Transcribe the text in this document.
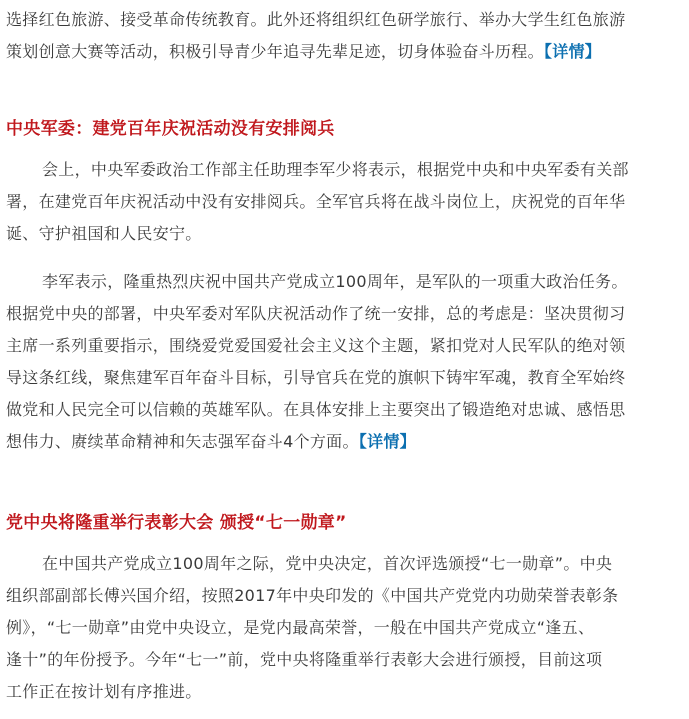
选择红色旅游、接受革命传统教育。此外还将组织红色研学旅行、举办大学生红色旅游
策划创意大赛等活动，积极引导青少年追寻先辈足迹，切身体验奋斗历程。【详情】
中央军委：建党百年庆祝活动没有安排阅兵
会上，中央军委政治工作部主任助理李军少将表示，根据党中央和中央军委有关部
署，在建党百年庆祝活动中没有安排阅兵。全军官兵将在战斗岗位上，庆祝党的百年华
诞、守护祖国和人民安宁。
李军表示，隆重热烈庆祝中国共产党成立100周年，是军队的一项重大政治任务。
根据党中央的部署，中央军委对军队庆祝活动作了统一安排，总的考虑是：坚决贯彻习
主席一系列重要指示，围绕爱党爱国爱社会主义这个主题，紧扣党对人民军队的绝对领
导这条红线，聚焦建军百年奋斗目标，引导官兵在党的旗帜下铸牢军魂，教育全军始终
做党和人民完全可以信赖的英雄军队。在具体安排上主要突出了锻造绝对忠诚、感悟思
想伟力、赓续革命精神和矢志强军奋斗4个方面。【详情】
党中央将隆重举行表彰大会 颁授“七一勋章”
在中国共产党成立100周年之际，党中央决定，首次评选颁授“七一勋章”。中央
组织部副部长傅兴国介绍，按照2017年中央印发的《中国共产党党内功勋荣誉表彰条
例》，“七一勋章”由党中央设立，是党内最高荣誉，一般在中国共产党成立“逢五、
逢十”的年份授予。今年“七一”前，党中央将隆重举行表彰大会进行颁授，目前这项
工作正在按计划有序推进。
